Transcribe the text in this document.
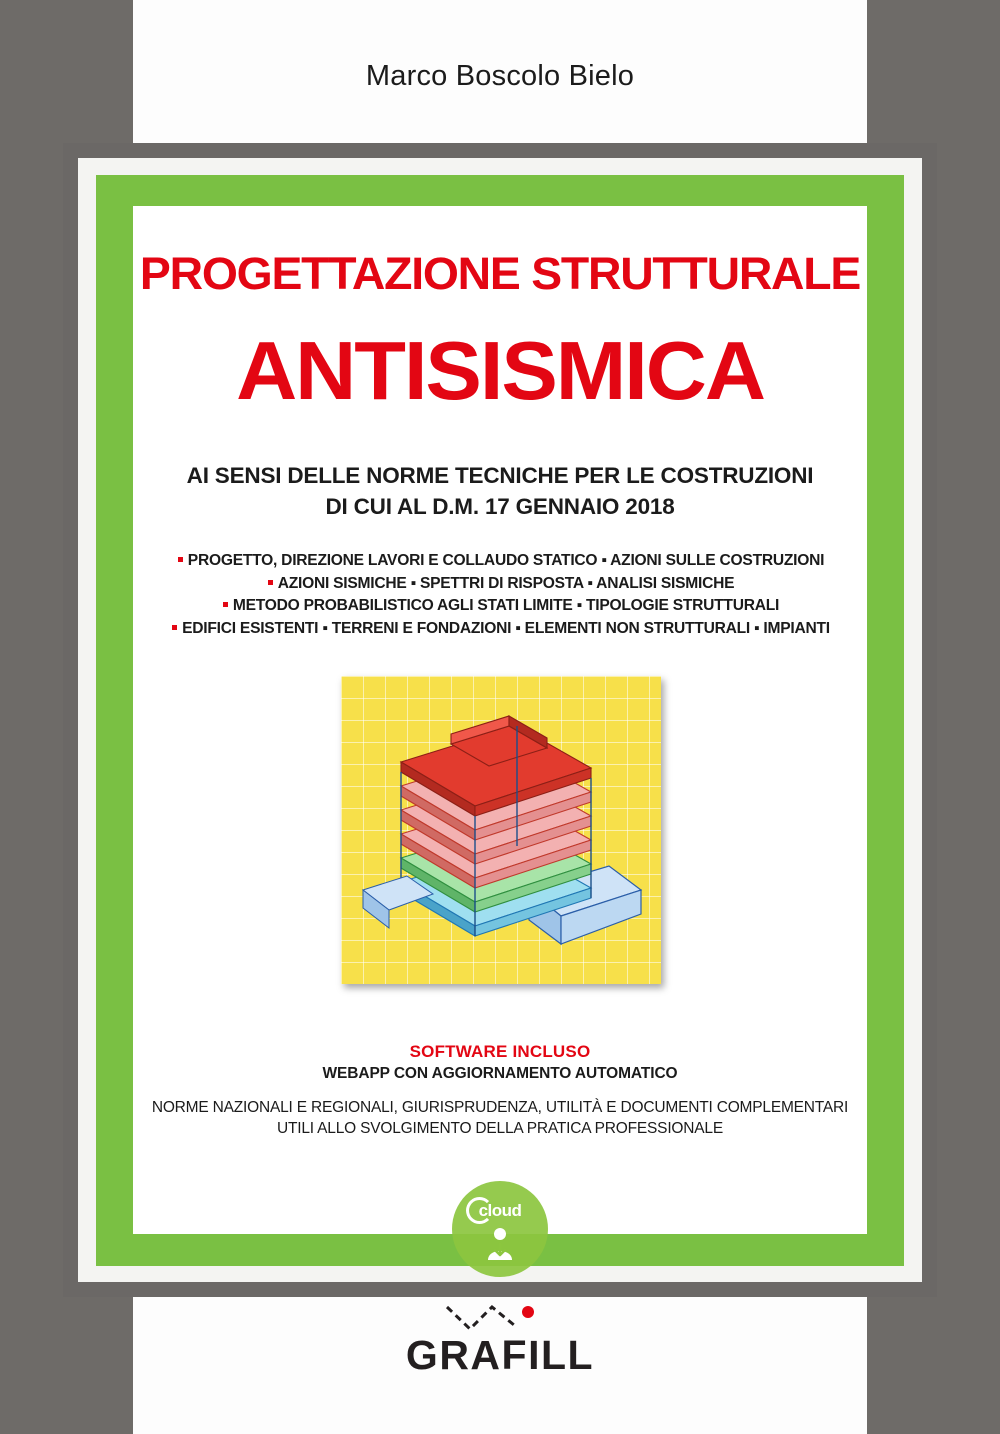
Marco Boscolo Bielo
PROGETTAZIONE STRUTTURALE
ANTISISMICA
AI SENSI DELLE NORME TECNICHE PER LE COSTRUZIONI
DI CUI AL D.M. 17 GENNAIO 2018
PROGETTO, DIREZIONE LAVORI E COLLAUDO STATICO ▪ AZIONI SULLE COSTRUZIONI
AZIONI SISMICHE ▪ SPETTRI DI RISPOSTA ▪ ANALISI SISMICHE
METODO PROBABILISTICO AGLI STATI LIMITE ▪ TIPOLOGIE STRUTTURALI
EDIFICI ESISTENTI ▪ TERRENI E FONDAZIONI ▪ ELEMENTI NON STRUTTURALI ▪ IMPIANTI
SOFTWARE INCLUSO
WEBAPP CON AGGIORNAMENTO AUTOMATICO
NORME NAZIONALI E REGIONALI, GIURISPRUDENZA, UTILITÀ E DOCUMENTI COMPLEMENTARI
UTILI ALLO SVOLGIMENTO DELLA PRATICA PROFESSIONALE
cloud
GRAFILL
